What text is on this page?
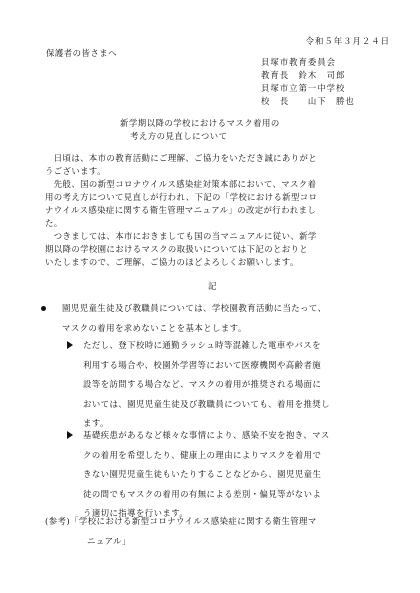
令和５年３月２４日
保護者の皆さまへ
貝塚市教育委員会
教育長　鈴木　司郎
貝塚市立第一中学校
校　長　　山下　勝也
新学期以降の学校におけるマスク着用の
考え方の見直しについて
　日頃は、本市の教育活動にご理解、ご協力をいただき誠にありがと
うございます。
　先般、国の新型コロナウイルス感染症対策本部において、マスク着
用の考え方について見直しが行われ、下記の「学校における新型コロ
ナウイルス感染症に関する衛生管理マニュアル」の改定が行われまし
た。
　つきましては、本市におきましても国の当マニュアルに従い、新学
期以降の学校園におけるマスクの取扱いについては下記のとおりと
いたしますので、ご理解、ご協力のほどよろしくお願いします。
記
園児児童生徒及び教職員については、学校園教育活動に当たって、
マスクの着用を求めないことを基本とします。
ただし、登下校時に通勤ラッシュ時等混雑した電車やバスを
利用する場合や、校園外学習等において医療機関や高齢者施
設等を訪問する場合など、マスクの着用が推奨される場面に
おいては、園児児童生徒及び教職員についても、着用を推奨し
ます。
基礎疾患があるなど様々な事情により、感染不安を抱き、マス
クの着用を希望したり、健康上の理由によりマスクを着用で
きない園児児童生徒もいたりすることなどから、園児児童生
徒の間でもマスクの着用の有無による差別・偏見等がないよ
う適切に指導を行います。
(参考)「学校における新型コロナウイルス感染症に関する衛生管理マ
ニュアル」
